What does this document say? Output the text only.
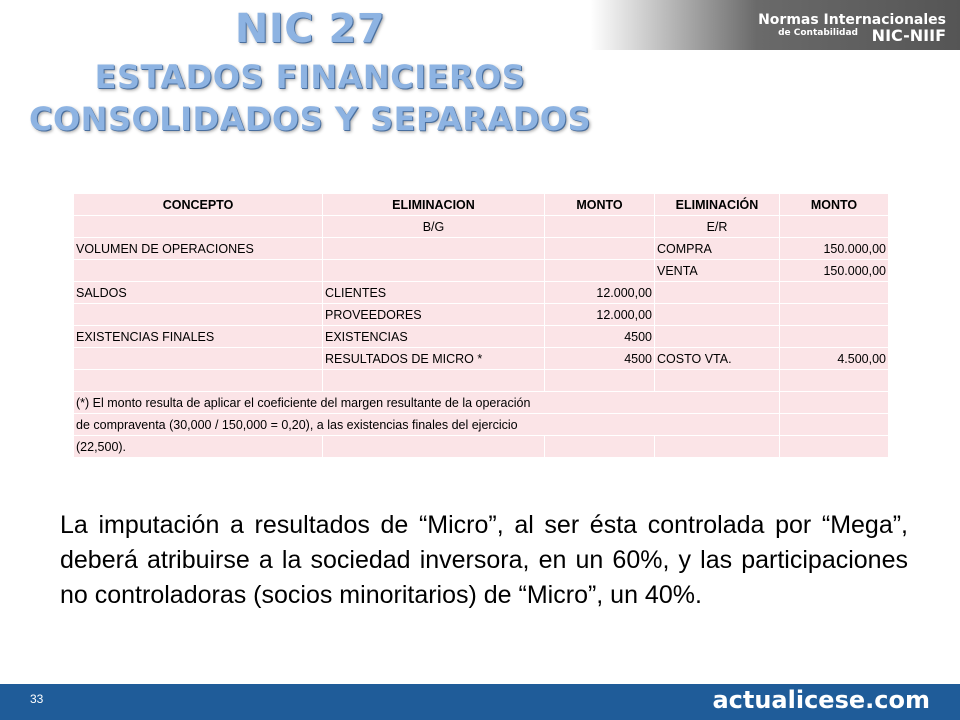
NIC 27
ESTADOS FINANCIEROS
CONSOLIDADOS Y SEPARADOS
Normas Internacionales
de Contabilidad NIC-NIIF
CONCEPTO	ELIMINACION	MONTO	ELIMINACIÓN	MONTO
	B/G		E/R	
VOLUMEN DE OPERACIONES			COMPRA	150.000,00
			VENTA	150.000,00
SALDOS	CLIENTES	12.000,00		
	PROVEEDORES	12.000,00		
EXISTENCIAS FINALES	EXISTENCIAS	4500		
	RESULTADOS DE MICRO *	4500	COSTO VTA.	4.500,00

(*) El monto resulta de aplicar el coeficiente del margen resultante de la operación				
de compraventa (30,000 / 150,000 = 0,20), a las existencias finales del ejercicio				
(22,500).				
La imputación a resultados de “Micro”, al ser ésta controlada por “Mega”, deberá atribuirse a la sociedad inversora, en un 60%, y las participaciones no controladoras (socios minoritarios) de “Micro”, un 40%.
33	actualicese.com
